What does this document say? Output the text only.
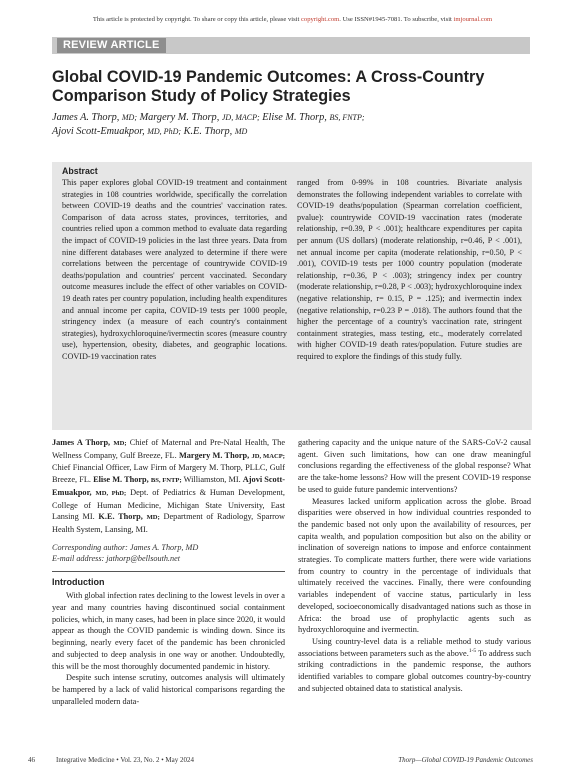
This article is protected by copyright. To share or copy this article, please visit copyright.com. Use ISSN#1945-7081. To subscribe, visit imjournal.com
REVIEW ARTICLE
Global COVID-19 Pandemic Outcomes: A Cross-Country Comparison Study of Policy Strategies
James A. Thorp, MD; Margery M. Thorp, JD, MACP; Elise M. Thorp, BS, FNTP;
Ajovi Scott-Emuakpor, MD, PhD; K.E. Thorp, MD
Abstract
This paper explores global COVID-19 treatment and containment strategies in 108 countries worldwide, specifically the correlation between COVID-19 deaths and the countries' vaccination rates. Comparison of data across states, provinces, territories, and countries relied upon a common method to evaluate data regarding the impact of COVID-19 policies in the last three years. Data from nine different databases were analyzed to determine if there were correlations between the percentage of countrywide COVID-19 deaths/population and countries' percent vaccinated. Secondary outcome measures include the effect of other variables on COVID-19 death rates per country population, including health expenditures and annual income per capita, COVID-19 tests per 1000 people, stringency index (a measure of each country's containment strategies), hydroxychloroquine/ivermectin scores (measure country use), hypertension, obesity, diabetes, and geographic locations. COVID-19 vaccination rates
ranged from 0-99% in 108 countries. Bivariate analysis demonstrates the following independent variables to correlate with COVID-19 deaths/population (Spearman correlation coefficient, pvalue): countrywide COVID-19 vaccination rates (moderate relationship, r=0.39, P < .001); healthcare expenditures per capita per annum (US dollars) (moderate relationship, r=0.46, P < .001), net annual income per capita (moderate relationship, r=0.50, P < .001), COVID-19 tests per 1000 country population (moderate relationship, r=0.36, P < .003); stringency index per country (moderate relationship, r=0.28, P < .003); hydroxychloroquine index (negative relationship, r= 0.15, P = .125); and ivermectin index (negative relationship, r=0.23 P = .018). The authors found that the higher the percentage of a country's vaccination rate, stringent containment strategies, mass testing, etc., moderately correlated with higher COVID-19 death rates/population. Future studies are required to explore the findings of this study fully.

James A Thorp, MD; Chief of Maternal and Pre-Natal Health, The Wellness Company, Gulf Breeze, FL. Margery M. Thorp, JD, MACP; Chief Financial Officer, Law Firm of Margery M. Thorp, PLLC, Gulf Breeze, FL. Elise M. Thorp, BS, FNTP; Williamston, MI. Ajovi Scott-Emuakpor, MD, PhD; Dept. of Pediatrics & Human Development, College of Human Medicine, Michigan State University, East Lansing MI. K.E. Thorp, MD; Department of Radiology, Sparrow Health System, Lansing, MI.

Corresponding author: James A. Thorp, MD
E-mail address: jathorp@bellsouth.net

Introduction

With global infection rates declining to the lowest levels in over a year and many countries having discontinued social containment policies, which, in many cases, had been in place since 2020, it would appear as though the COVID pandemic is winding down. Since its beginning, nearly every facet of the pandemic has been chronicled and subjected to deep analysis in one way or another. Undoubtedly, this will be the most thoroughly documented pandemic in history.

Despite such intense scrutiny, outcomes analysis will ultimately be hampered by a lack of valid historical comparisons regarding the unparalleled modern data-

gathering capacity and the unique nature of the SARS-CoV-2 causal agent. Given such limitations, how can one draw meaningful conclusions regarding the effectiveness of the global response? What are the take-home lessons? How will the present COVID-19 response be used to guide future pandemic interventions?

Measures lacked uniform application across the globe. Broad disparities were observed in how individual countries responded to the pandemic based not only upon the availability of resources, per capita wealth, and population composition but also on the ability or inclination of sovereign nations to impose and enforce containment strategies. To complicate matters further, there were wide variations from country to country in the percentage of individuals that ultimately received the vaccines. Finally, there were confounding variables independent of vaccine status, particularly in less developed, socioeconomically disadvantaged nations such as those in Africa: the broad use of prophylactic agents such as hydroxychloroquine and ivermectin.

Using country-level data is a reliable method to study various associations between parameters such as the above.$^{1-5}$ To address such striking contradictions in the pandemic response, the authors identified variables to compare global outcomes country-by-country and subjected obtained data to statistical analysis.

46	Integrative Medicine • Vol. 23, No. 2 • May 2024	Thorp—Global COVID-19 Pandemic Outcomes
